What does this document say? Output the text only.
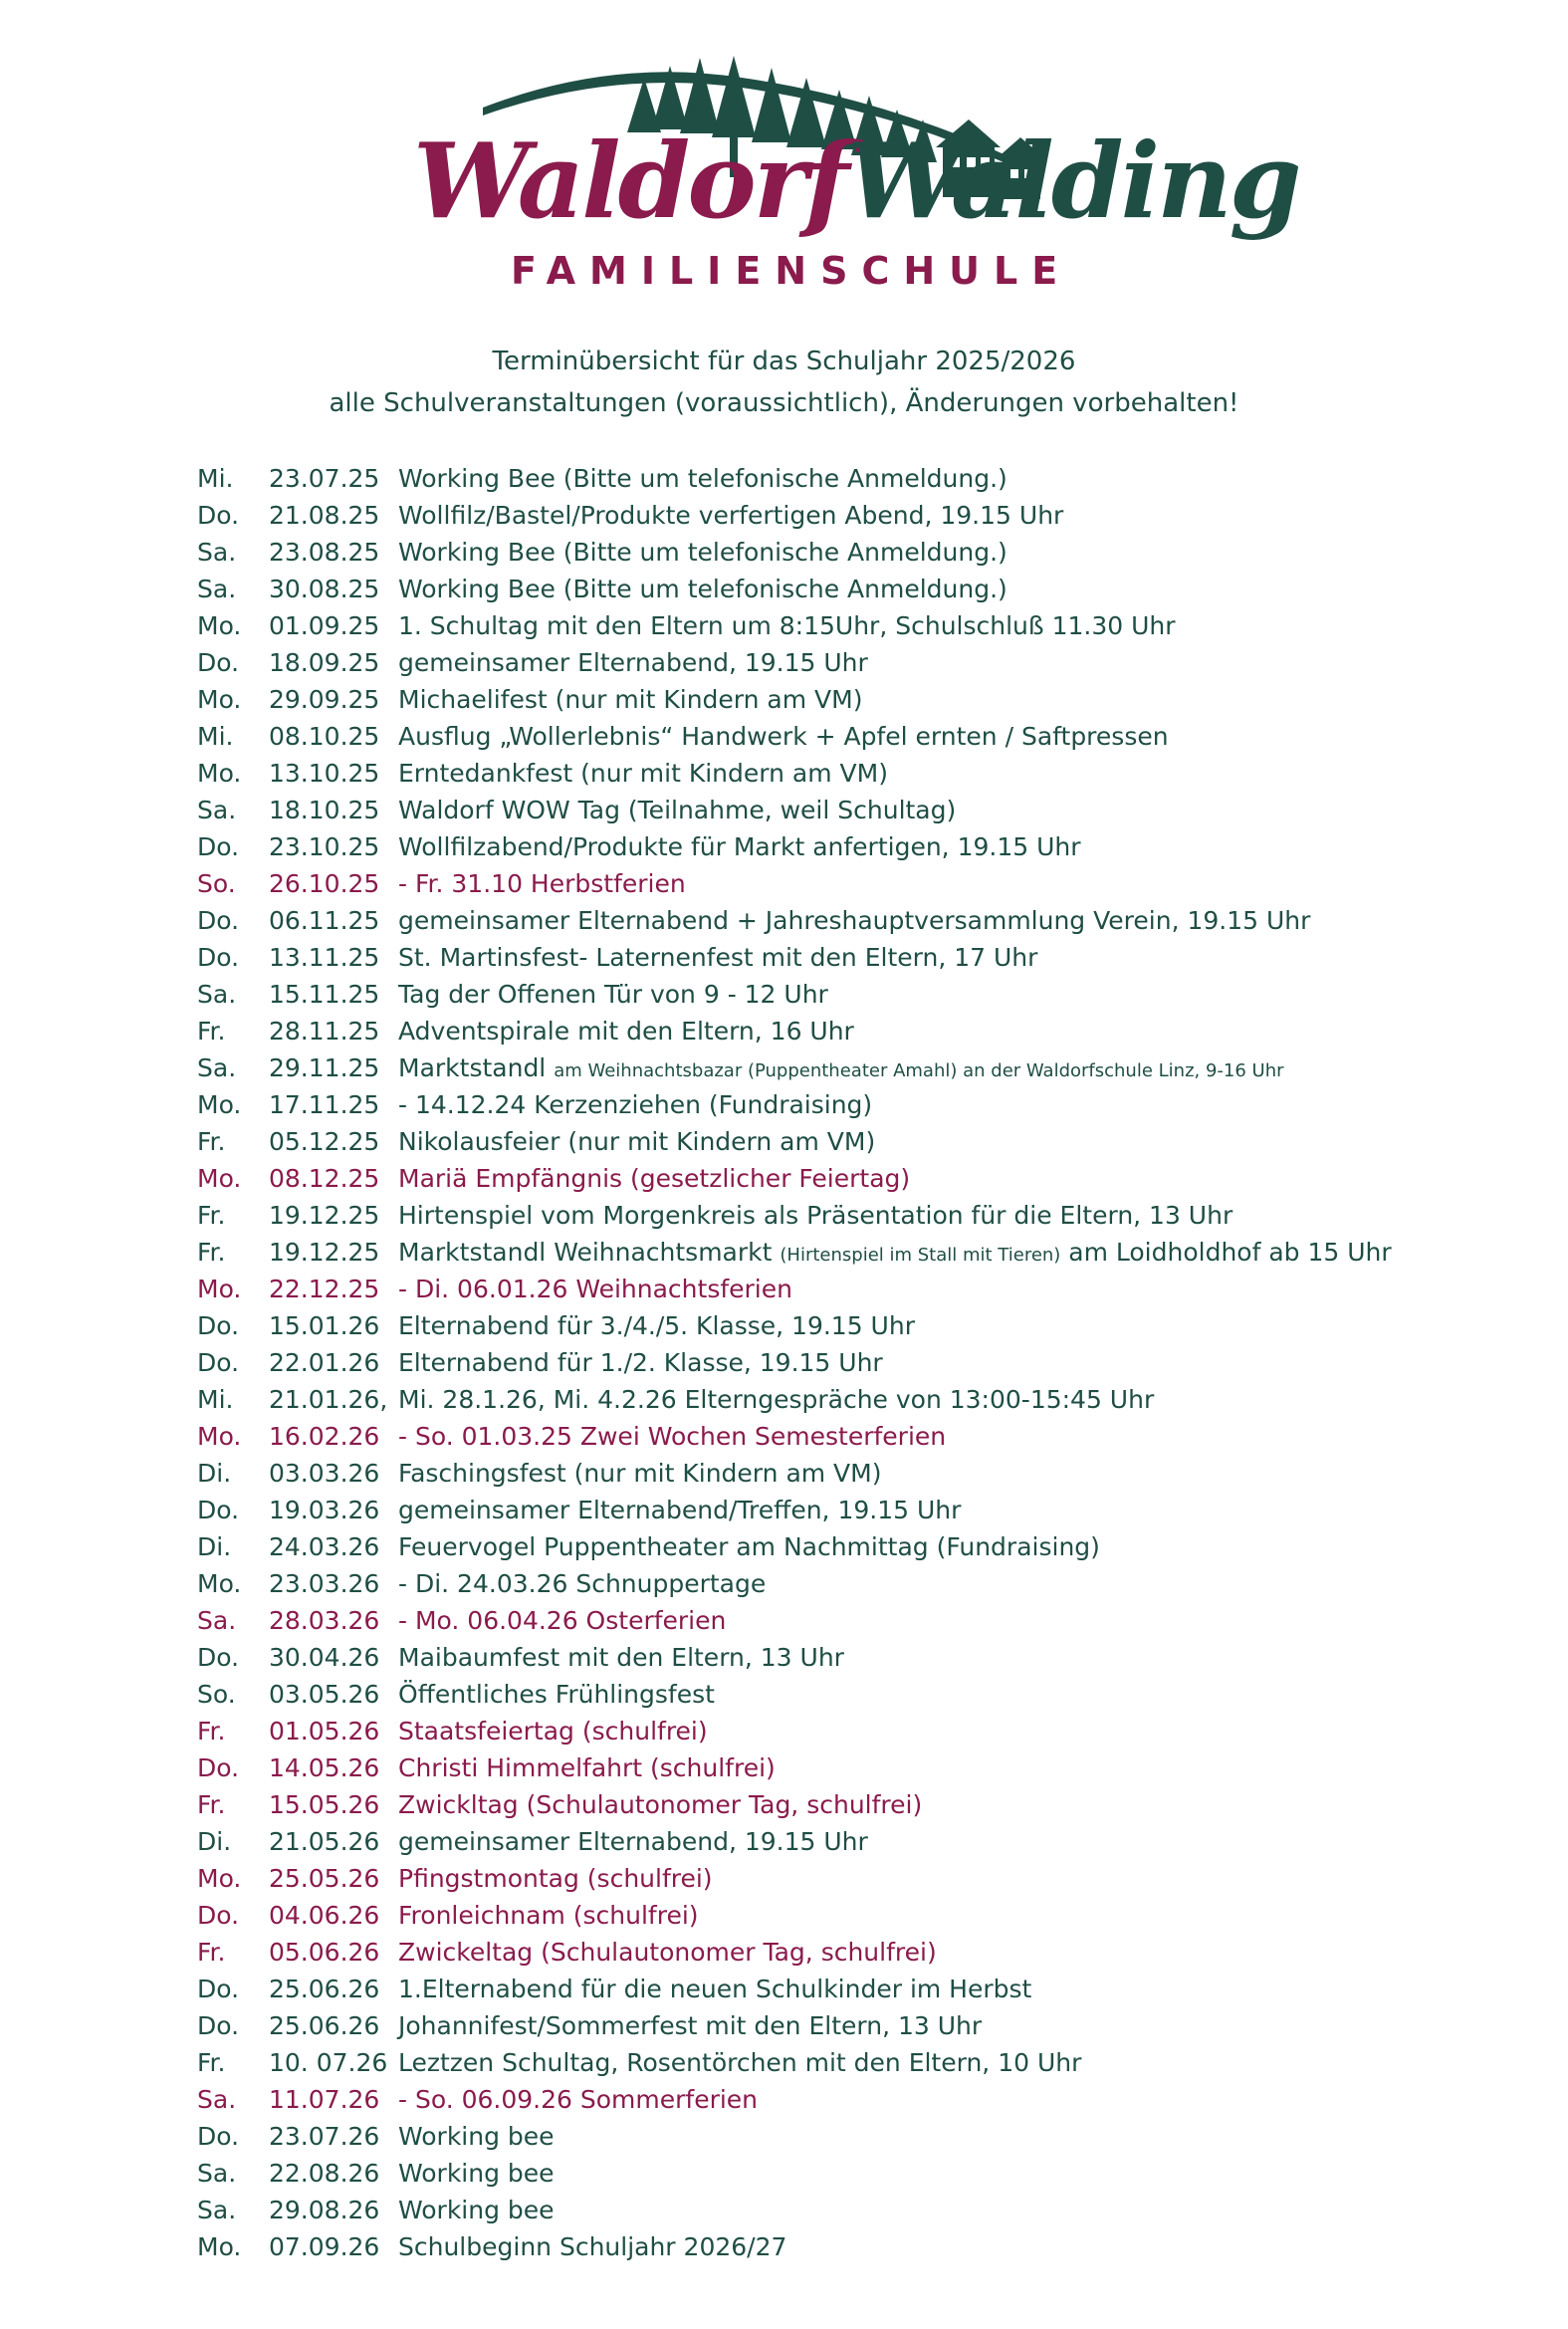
WaldorfWalding
FAMILIENSCHULE
Terminübersicht für das Schuljahr 2025/2026
alle Schulveranstaltungen (voraussichtlich), Änderungen vorbehalten!
Mi.	23.07.25 Working Bee (Bitte um telefonische Anmeldung.)
Do.	21.08.25 Wollfilz/Bastel/Produkte verfertigen Abend, 19.15 Uhr
Sa.	23.08.25 Working Bee (Bitte um telefonische Anmeldung.)
Sa.	30.08.25 Working Bee (Bitte um telefonische Anmeldung.)
Mo.	01.09.25 1. Schultag mit den Eltern um 8:15Uhr, Schulschluß 11.30 Uhr
Do.	18.09.25 gemeinsamer Elternabend, 19.15 Uhr
Mo.	29.09.25 Michaelifest (nur mit Kindern am VM)
Mi.	08.10.25 Ausflug „Wollerlebnis“ Handwerk + Apfel ernten / Saftpressen
Mo.	13.10.25 Erntedankfest (nur mit Kindern am VM)
Sa.	18.10.25 Waldorf WOW Tag (Teilnahme, weil Schultag)
Do.	23.10.25 Wollfilzabend/Produkte für Markt anfertigen, 19.15 Uhr
So.	26.10.25 - Fr. 31.10 Herbstferien
Do.	06.11.25 gemeinsamer Elternabend + Jahreshauptversammlung Verein, 19.15 Uhr
Do.	13.11.25 St. Martinsfest- Laternenfest mit den Eltern, 17 Uhr
Sa.	15.11.25 Tag der Offenen Tür von 9 - 12 Uhr
Fr.	28.11.25 Adventspirale mit den Eltern, 16 Uhr
Sa.	29.11.25 Marktstandl am Weihnachtsbazar (Puppentheater Amahl) an der Waldorfschule Linz, 9-16 Uhr
Mo.	17.11.25 - 14.12.24 Kerzenziehen (Fundraising)
Fr.	05.12.25 Nikolausfeier (nur mit Kindern am VM)
Mo.	08.12.25 Mariä Empfängnis (gesetzlicher Feiertag)
Fr.	19.12.25 Hirtenspiel vom Morgenkreis als Präsentation für die Eltern, 13 Uhr
Fr.	19.12.25 Marktstandl Weihnachtsmarkt (Hirtenspiel im Stall mit Tieren) am Loidholdhof ab 15 Uhr
Mo.	22.12.25 - Di. 06.01.26 Weihnachtsferien
Do.	15.01.26 Elternabend für 3./4./5. Klasse, 19.15 Uhr
Do.	22.01.26 Elternabend für 1./2. Klasse, 19.15 Uhr
Mi.	21.01.26, Mi. 28.1.26, Mi. 4.2.26 Elterngespräche von 13:00-15:45 Uhr
Mo.	16.02.26 - So. 01.03.25 Zwei Wochen Semesterferien
Di.	03.03.26 Faschingsfest (nur mit Kindern am VM)
Do.	19.03.26 gemeinsamer Elternabend/Treffen, 19.15 Uhr
Di.	24.03.26 Feuervogel Puppentheater am Nachmittag (Fundraising)
Mo.	23.03.26 - Di. 24.03.26 Schnuppertage
Sa.	28.03.26 - Mo. 06.04.26 Osterferien
Do.	30.04.26 Maibaumfest mit den Eltern, 13 Uhr
So.	03.05.26 Öffentliches Frühlingsfest
Fr.	01.05.26 Staatsfeiertag (schulfrei)
Do.	14.05.26 Christi Himmelfahrt (schulfrei)
Fr.	15.05.26 Zwickltag (Schulautonomer Tag, schulfrei)
Di.	21.05.26 gemeinsamer Elternabend, 19.15 Uhr
Mo.	25.05.26 Pfingstmontag (schulfrei)
Do.	04.06.26 Fronleichnam (schulfrei)
Fr.	05.06.26 Zwickeltag (Schulautonomer Tag, schulfrei)
Do.	25.06.26 1.Elternabend für die neuen Schulkinder im Herbst
Do.	25.06.26 Johannifest/Sommerfest mit den Eltern, 13 Uhr
Fr.	10. 07.26 Leztzen Schultag, Rosentörchen mit den Eltern, 10 Uhr
Sa.	11.07.26 - So. 06.09.26 Sommerferien
Do.	23.07.26 Working bee
Sa.	22.08.26 Working bee
Sa.	29.08.26 Working bee
Mo.	07.09.26 Schulbeginn Schuljahr 2026/27
